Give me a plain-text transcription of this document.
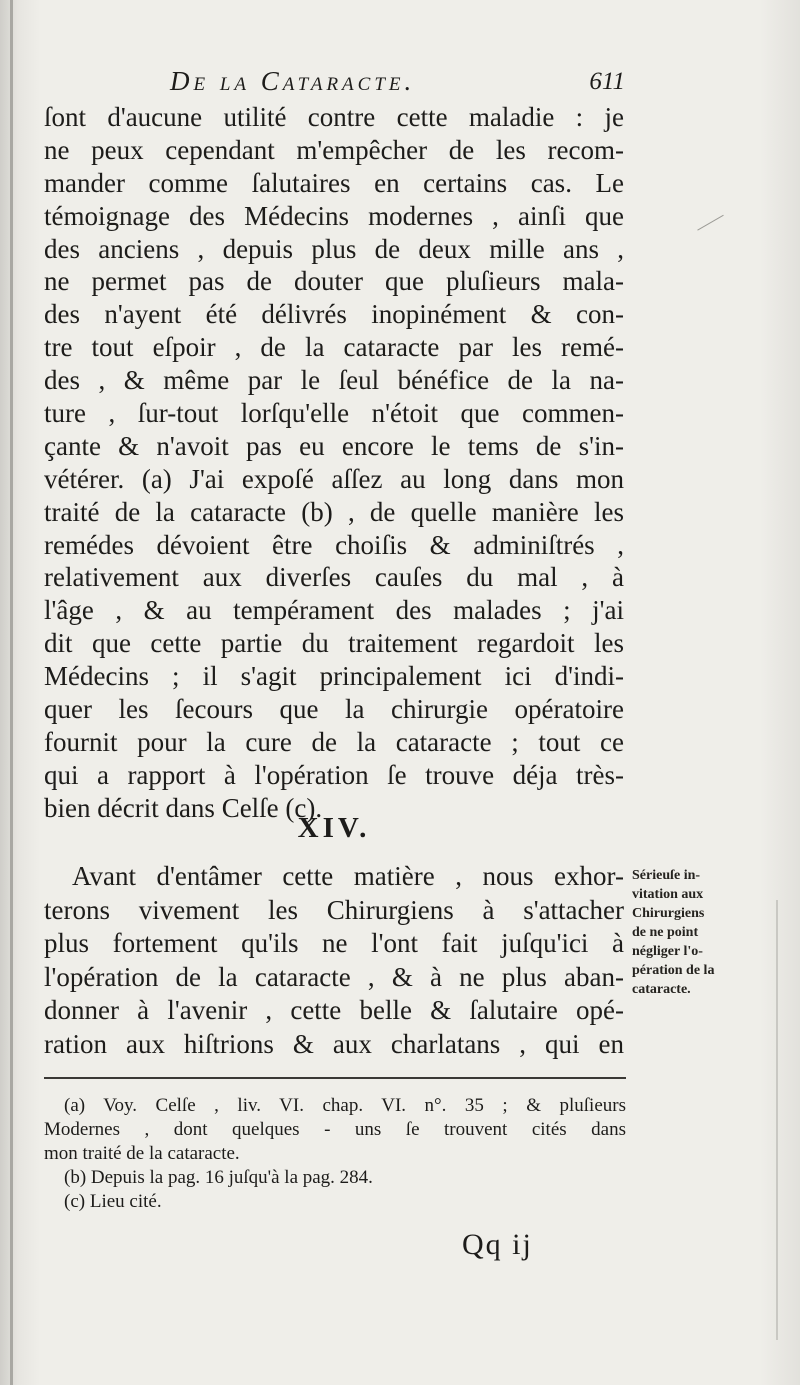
De la Cataracte.	611
ſont d'aucune utilité contre cette maladie : je
ne peux cependant m'empêcher de les recom-
mander comme ſalutaires en certains cas. Le
témoignage des Médecins modernes , ainſi que
des anciens , depuis plus de deux mille ans ,
ne permet pas de douter que pluſieurs mala-
des n'ayent été délivrés inopinément & con-
tre tout eſpoir , de la cataracte par les remé-
des , & même par le ſeul bénéfice de la na-
ture , ſur-tout lorſqu'elle n'étoit que commen-
çante & n'avoit pas eu encore le tems de s'in-
vétérer. (a) J'ai expoſé aſſez au long dans mon
traité de la cataracte (b) , de quelle manière les
remédes dévoient être choiſis & adminiſtrés ,
relativement aux diverſes cauſes du mal , à
l'âge , & au tempérament des malades ; j'ai
dit que cette partie du traitement regardoit les
Médecins ; il s'agit principalement ici d'indi-
quer les ſecours que la chirurgie opératoire
fournit pour la cure de la cataracte ; tout ce
qui a rapport à l'opération ſe trouve déja très-
bien décrit dans Celſe (c).
XIV.
Avant d'entâmer cette matière , nous exhor-
terons vivement les Chirurgiens à s'attacher
plus fortement qu'ils ne l'ont fait juſqu'ici à
l'opération de la cataracte , & à ne plus aban-
donner à l'avenir , cette belle & ſalutaire opé-
ration aux hiſtrions & aux charlatans , qui en
Sérieuſe in-
vitation aux
Chirurgiens
de ne point
négliger l'o-
pération de la
cataracte.
(a) Voy. Celſe , liv. VI. chap. VI. n°. 35 ; & pluſieurs
Modernes , dont quelques - uns ſe trouvent cités dans
mon traité de la cataracte.
(b) Depuis la pag. 16 juſqu'à la pag. 284.
(c) Lieu cité.
Qq ij
